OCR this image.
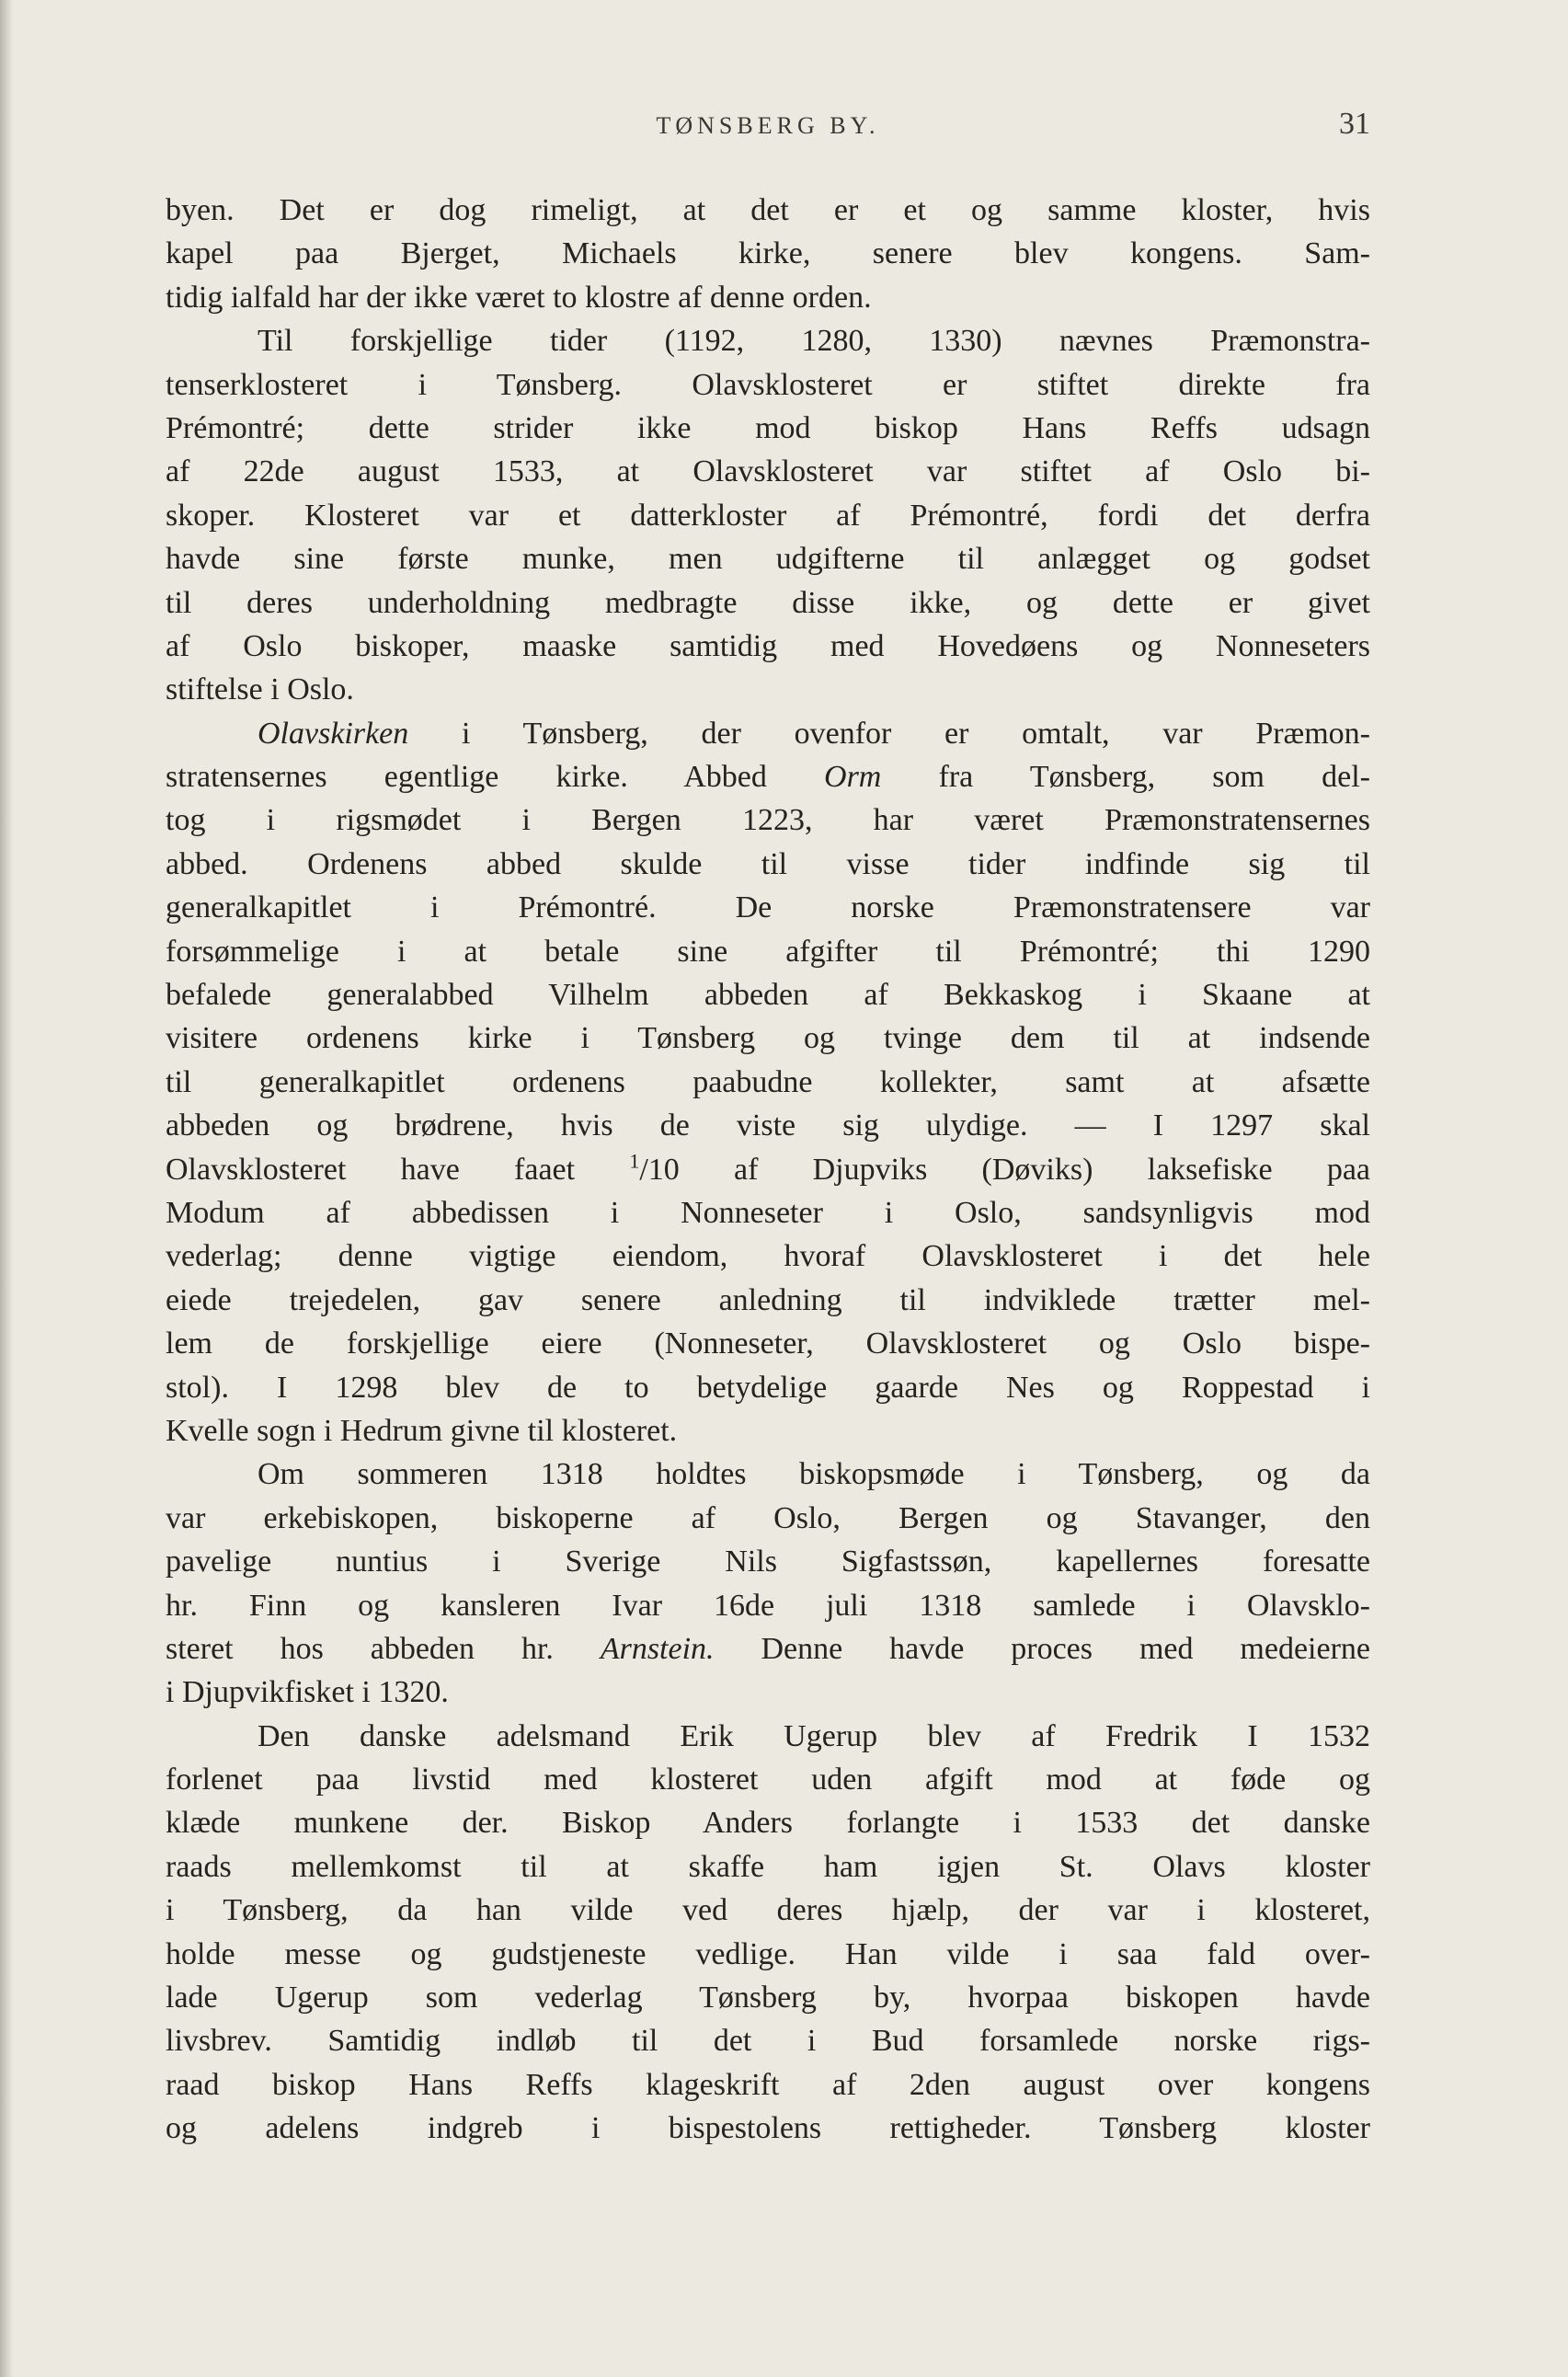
TØNSBERG BY.	31
byen. Det er dog rimeligt, at det er et og samme kloster, hvis
kapel paa Bjerget, Michaels kirke, senere blev kongens. Sam-
tidig ialfald har der ikke været to klostre af denne orden.
Til forskjellige tider (1192, 1280, 1330) nævnes Præmonstra-
tenserklosteret i Tønsberg. Olavsklosteret er stiftet direkte fra
Prémontré; dette strider ikke mod biskop Hans Reffs udsagn
af 22de august 1533, at Olavsklosteret var stiftet af Oslo bi-
skoper. Klosteret var et datterkloster af Prémontré, fordi det derfra
havde sine første munke, men udgifterne til anlægget og godset
til deres underholdning medbragte disse ikke, og dette er givet
af Oslo biskoper, maaske samtidig med Hovedøens og Nonneseters
stiftelse i Oslo.
Olavskirken i Tønsberg, der ovenfor er omtalt, var Præmon-
stratensernes egentlige kirke. Abbed Orm fra Tønsberg, som del-
tog i rigsmødet i Bergen 1223, har været Præmonstratensernes
abbed. Ordenens abbed skulde til visse tider indfinde sig til
generalkapitlet i Prémontré. De norske Præmonstratensere var
forsømmelige i at betale sine afgifter til Prémontré; thi 1290
befalede generalabbed Vilhelm abbeden af Bekkaskog i Skaane at
visitere ordenens kirke i Tønsberg og tvinge dem til at indsende
til generalkapitlet ordenens paabudne kollekter, samt at afsætte
abbeden og brødrene, hvis de viste sig ulydige. — I 1297 skal
Olavsklosteret have faaet	$^1$/10 af Djupviks (Døviks) laksefiske paa
Modum af abbedissen i Nonneseter i Oslo, sandsynligvis mod
vederlag; denne vigtige eiendom, hvoraf Olavsklosteret i det hele
eiede trejedelen, gav senere anledning til indviklede trætter mel-
lem de forskjellige eiere (Nonneseter, Olavsklosteret og Oslo bispe-
stol). I 1298 blev de to betydelige gaarde Nes og Roppestad i
Kvelle sogn i Hedrum givne til klosteret.
Om sommeren 1318 holdtes biskopsmøde i Tønsberg, og da
var erkebiskopen, biskoperne af Oslo, Bergen og Stavanger, den
pavelige nuntius i Sverige Nils Sigfastssøn, kapellernes foresatte
hr. Finn og kansleren Ivar 16de juli 1318 samlede i Olavsklo-
steret hos abbeden hr. Arnstein. Denne havde proces med medeierne
i Djupvikfisket i 1320.
Den danske adelsmand Erik Ugerup blev af Fredrik I 1532
forlenet paa livstid med klosteret uden afgift mod at føde og
klæde munkene der. Biskop Anders forlangte i 1533 det danske
raads mellemkomst til at skaffe ham igjen St. Olavs kloster
i Tønsberg, da han vilde ved deres hjælp, der var i klosteret,
holde messe og gudstjeneste vedlige. Han vilde i saa fald over-
lade Ugerup som vederlag Tønsberg by, hvorpaa biskopen havde
livsbrev. Samtidig indløb til det i Bud forsamlede norske rigs-
raad biskop Hans Reffs klageskrift af 2den august over kongens
og adelens indgreb i bispestolens rettigheder. Tønsberg kloster
